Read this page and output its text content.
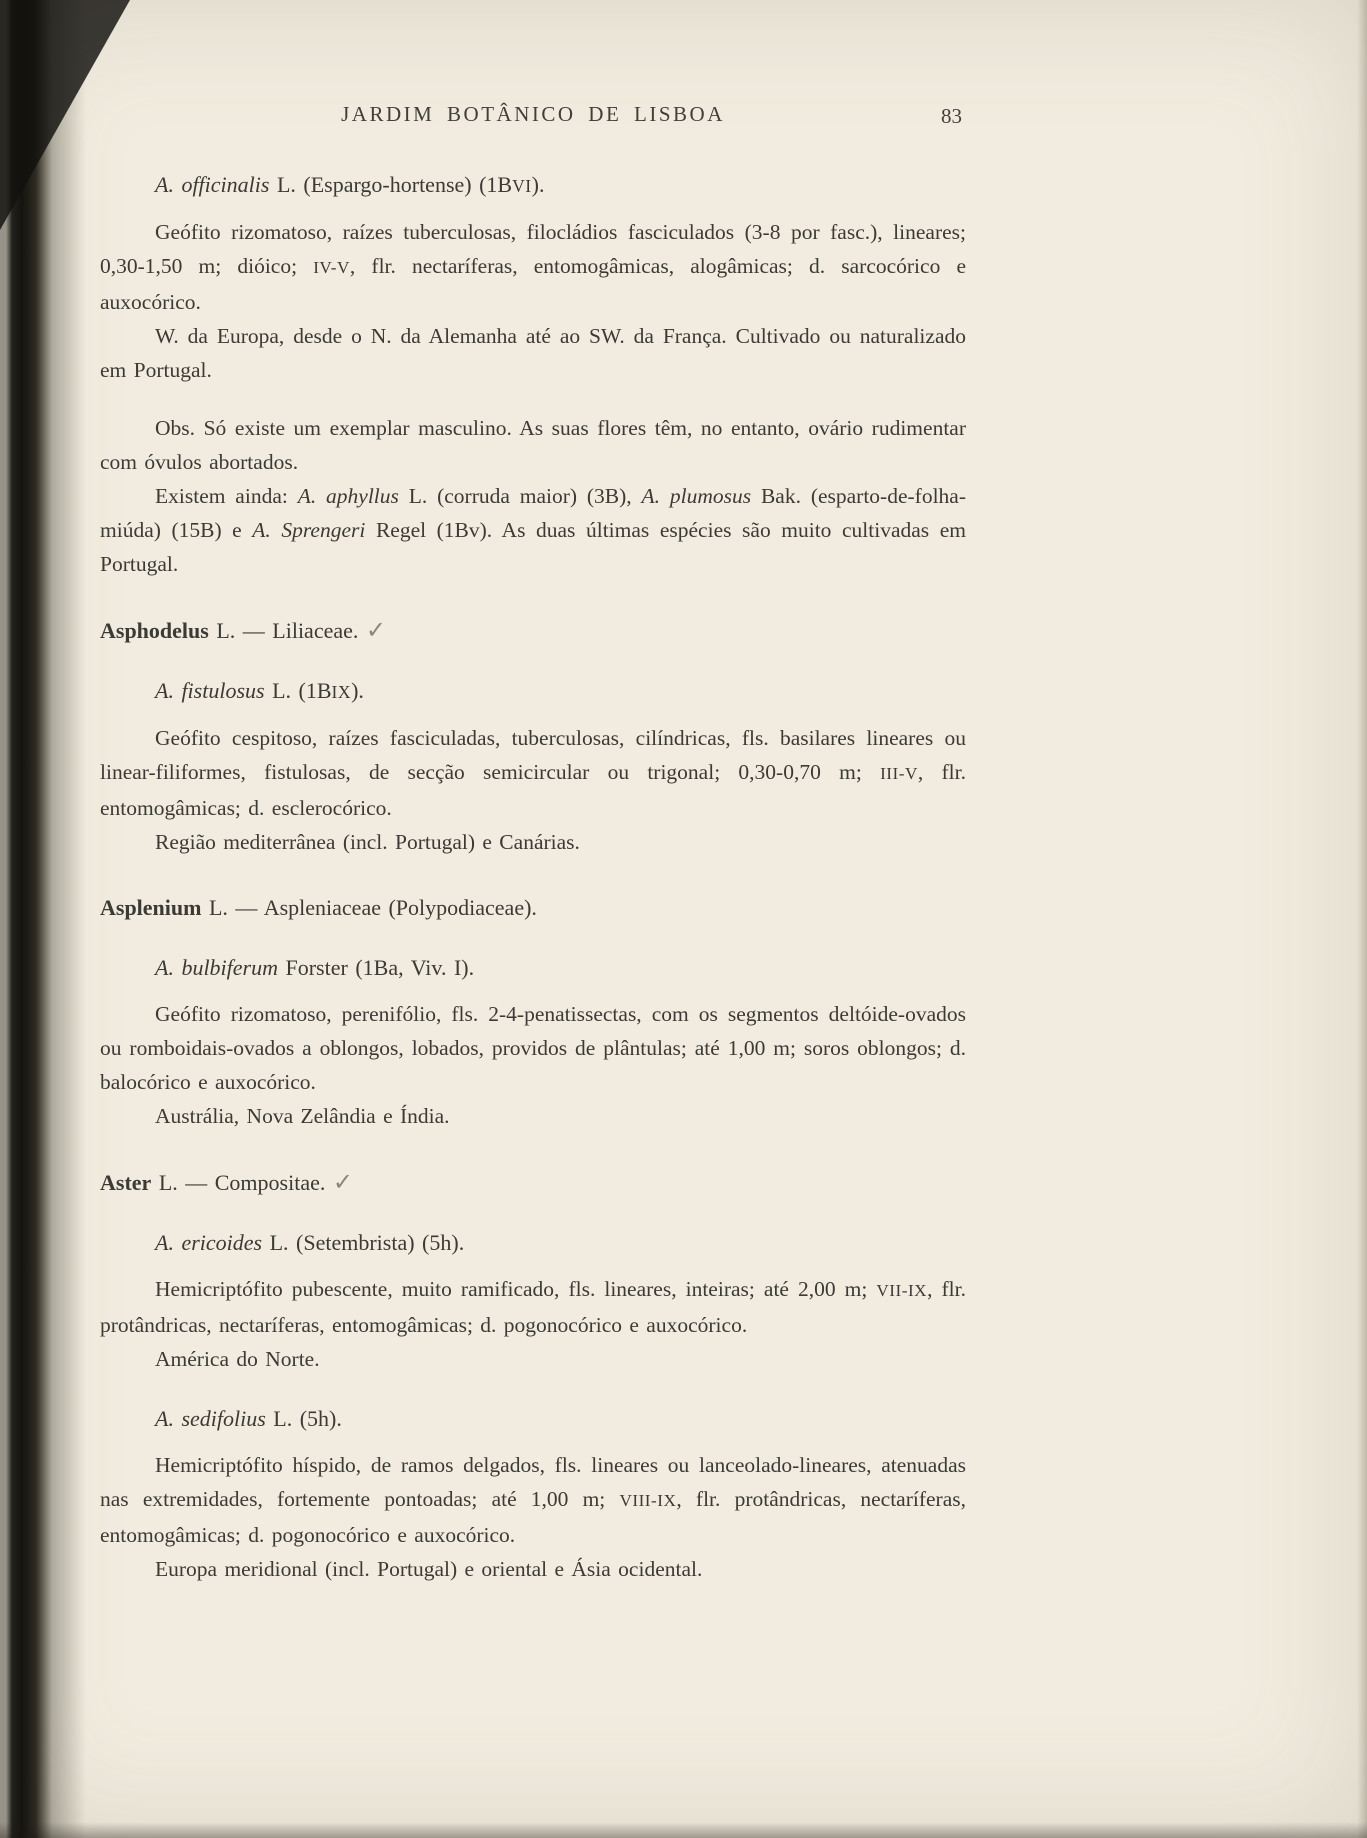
JARDIM BOTÂNICO DE LISBOA	83

A. officinalis L. (Espargo-hortense) (1BVI).

Geófito rizomatoso, raízes tuberculosas, filocládios fasciculados (3-8 por fasc.), lineares; 0,30-1,50 m; dióico; IV-V, flr. nectaríferas, entomogâmicas, alogâmicas; d. sarcocórico e auxocórico.

W. da Europa, desde o N. da Alemanha até ao SW. da França. Cultivado ou naturalizado em Portugal.

Obs. Só existe um exemplar masculino. As suas flores têm, no entanto, ovário rudimentar com óvulos abortados.

Existem ainda: A. aphyllus L. (corruda maior) (3B), A. plumosus Bak. (esparto-de-folha-miúda) (15B) e A. Sprengeri Regel (1Bv). As duas últimas espécies são muito cultivadas em Portugal.

Asphodelus L. — Liliaceae. ✓

A. fistulosus L. (1BIX).

Geófito cespitoso, raízes fasciculadas, tuberculosas, cilíndricas, fls. basilares lineares ou linear-filiformes, fistulosas, de secção semicircular ou trigonal; 0,30-0,70 m; III-V, flr. entomogâmicas; d. esclerocórico.

Região mediterrânea (incl. Portugal) e Canárias.

Asplenium L. — Aspleniaceae (Polypodiaceae).

A. bulbiferum Forster (1Ba, Viv. I).

Geófito rizomatoso, perenifólio, fls. 2-4-penatissectas, com os segmentos deltóide-ovados ou romboidais-ovados a oblongos, lobados, providos de plântulas; até 1,00 m; soros oblongos; d. balocórico e auxocórico.

Austrália, Nova Zelândia e Índia.

Aster L. — Compositae. ✓

A. ericoides L. (Setembrista) (5h).

Hemicriptófito pubescente, muito ramificado, fls. lineares, inteiras; até 2,00 m; VII-IX, flr. protândricas, nectaríferas, entomogâmicas; d. pogonocórico e auxocórico.

América do Norte.

A. sedifolius L. (5h).

Hemicriptófito híspido, de ramos delgados, fls. lineares ou lanceolado-lineares, atenuadas nas extremidades, fortemente pontoadas; até 1,00 m; VIII-IX, flr. protândricas, nectaríferas, entomogâmicas; d. pogonocórico e auxocórico.

Europa meridional (incl. Portugal) e oriental e Ásia ocidental.
